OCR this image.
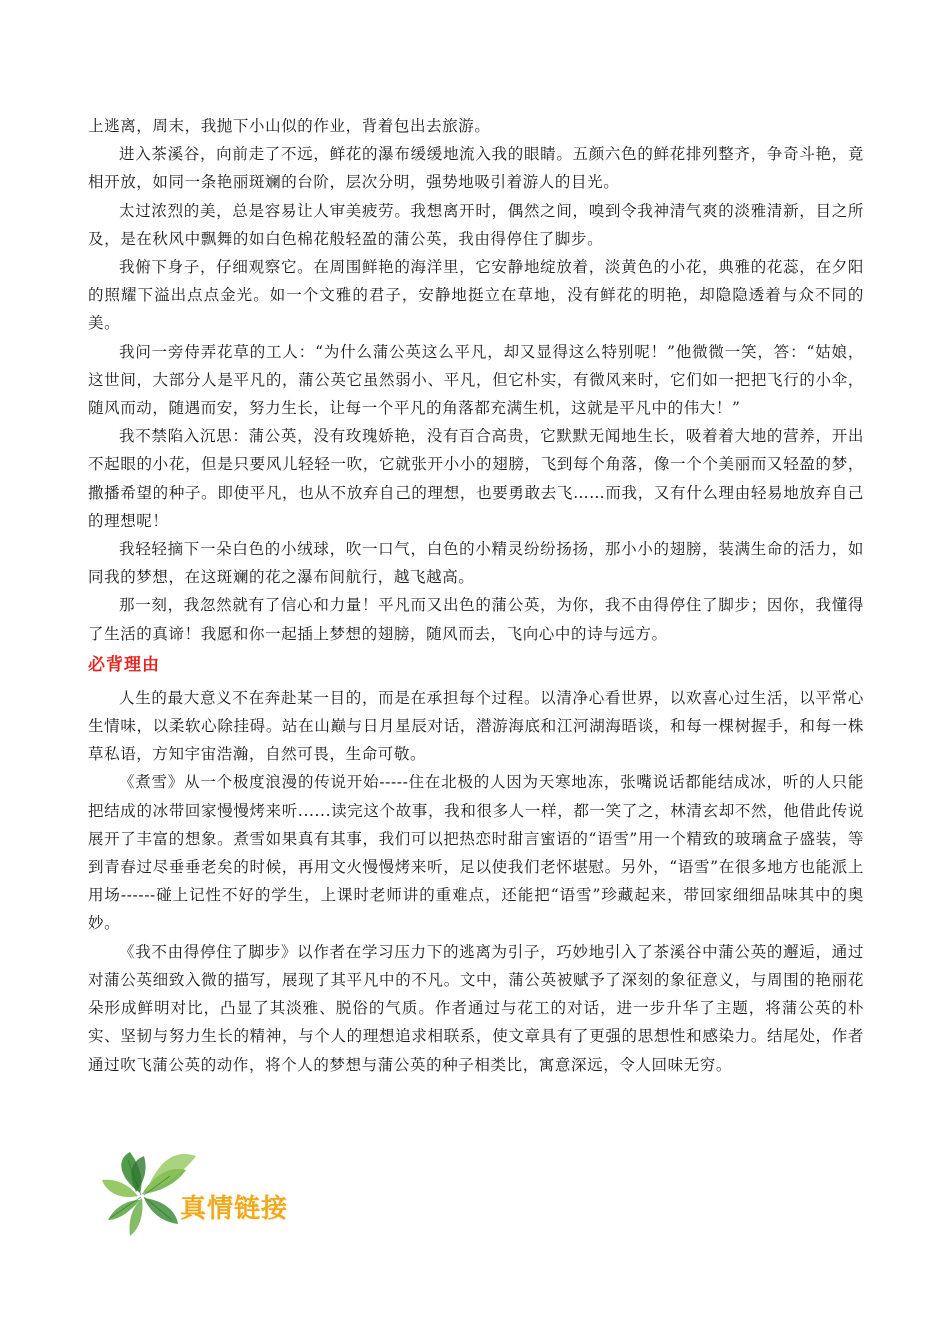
上逃离，周末，我抛下小山似的作业，背着包出去旅游。

进入茶溪谷，向前走了不远，鲜花的瀑布缓缓地流入我的眼睛。五颜六色的鲜花排列整齐，争奇斗艳，竟相开放，如同一条艳丽斑斓的台阶，层次分明，强势地吸引着游人的目光。

太过浓烈的美，总是容易让人审美疲劳。我想离开时，偶然之间，嗅到令我神清气爽的淡雅清新，目之所及，是在秋风中飘舞的如白色棉花般轻盈的蒲公英，我由得停住了脚步。

我俯下身子，仔细观察它。在周围鲜艳的海洋里，它安静地绽放着，淡黄色的小花，典雅的花蕊，在夕阳的照耀下溢出点点金光。如一个文雅的君子，安静地挺立在草地，没有鲜花的明艳，却隐隐透着与众不同的美。

我问一旁侍弄花草的工人：“为什么蒲公英这么平凡，却又显得这么特别呢！”他微微一笑，答：“姑娘，这世间，大部分人是平凡的，蒲公英它虽然弱小、平凡，但它朴实，有微风来时，它们如一把把飞行的小伞，随风而动，随遇而安，努力生长，让每一个平凡的角落都充满生机，这就是平凡中的伟大！”

我不禁陷入沉思：蒲公英，没有玫瑰娇艳，没有百合高贵，它默默无闻地生长，吸着着大地的营养，开出不起眼的小花，但是只要风儿轻轻一吹，它就张开小小的翅膀，飞到每个角落，像一个个美丽而又轻盈的梦，撒播希望的种子。即使平凡，也从不放弃自己的理想，也要勇敢去飞……而我，又有什么理由轻易地放弃自己的理想呢！

我轻轻摘下一朵白色的小绒球，吹一口气，白色的小精灵纷纷扬扬，那小小的翅膀，装满生命的活力，如同我的梦想，在这斑斓的花之瀑布间航行，越飞越高。

那一刻，我忽然就有了信心和力量！平凡而又出色的蒲公英，为你，我不由得停住了脚步；因你，我懂得了生活的真谛！我愿和你一起插上梦想的翅膀，随风而去，飞向心中的诗与远方。

必背理由

人生的最大意义不在奔赴某一目的，而是在承担每个过程。以清净心看世界，以欢喜心过生活，以平常心生情味，以柔软心除挂碍。站在山巅与日月星辰对话，潜游海底和江河湖海晤谈，和每一棵树握手，和每一株草私语，方知宇宙浩瀚，自然可畏，生命可敬。

《煮雪》从一个极度浪漫的传说开始-----住在北极的人因为天寒地冻，张嘴说话都能结成冰，听的人只能把结成的冰带回家慢慢烤来听......读完这个故事，我和很多人一样，都一笑了之，林清玄却不然，他借此传说展开了丰富的想象。煮雪如果真有其事，我们可以把热恋时甜言蜜语的“语雪”用一个精致的玻璃盒子盛装，等到青春过尽垂垂老矣的时候，再用文火慢慢烤来听，足以使我们老怀堪慰。另外，“语雪”在很多地方也能派上用场------碰上记性不好的学生，上课时老师讲的重难点，还能把“语雪”珍藏起来，带回家细细品味其中的奥妙。

《我不由得停住了脚步》以作者在学习压力下的逃离为引子，巧妙地引入了茶溪谷中蒲公英的邂逅，通过对蒲公英细致入微的描写，展现了其平凡中的不凡。文中，蒲公英被赋予了深刻的象征意义，与周围的艳丽花朵形成鲜明对比，凸显了其淡雅、脱俗的气质。作者通过与花工的对话，进一步升华了主题，将蒲公英的朴实、坚韧与努力生长的精神，与个人的理想追求相联系，使文章具有了更强的思想性和感染力。结尾处，作者通过吹飞蒲公英的动作，将个人的梦想与蒲公英的种子相类比，寓意深远，令人回味无穷。

真情链接
